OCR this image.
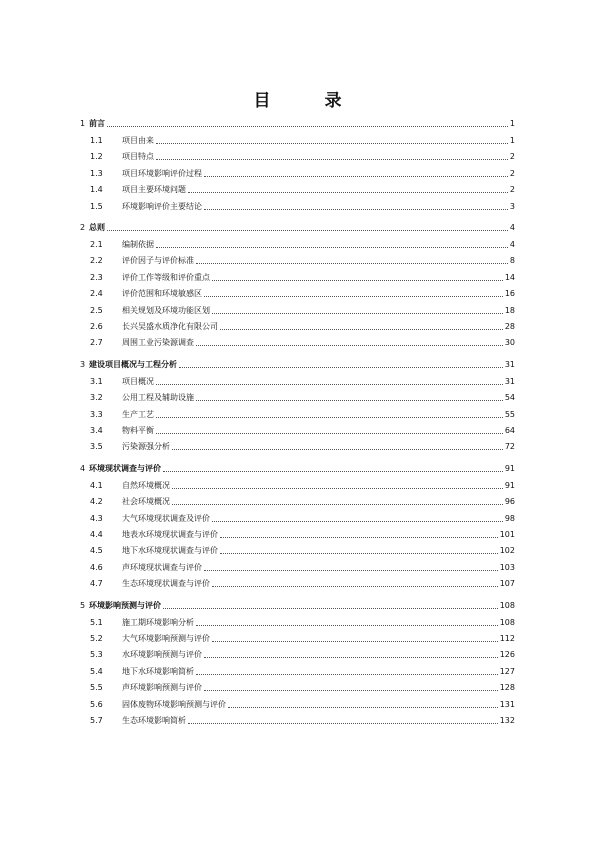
目 录
1 前言	1
1.1 项目由来	1
1.2 项目特点	2
1.3 项目环境影响评价过程	2
1.4 项目主要环境问题	2
1.5 环境影响评价主要结论	3
2 总则	4
2.1 编制依据	4
2.2 评价因子与评价标准	8
2.3 评价工作等级和评价重点	14
2.4 评价范围和环境敏感区	16
2.5 相关规划及环境功能区划	18
2.6 长兴吴盛水质净化有限公司	28
2.7 周围工业污染源调查	30
3 建设项目概况与工程分析	31
3.1 项目概况	31
3.2 公用工程及辅助设施	54
3.3 生产工艺	55
3.4 物料平衡	64
3.5 污染源强分析	72
4 环境现状调查与评价	91
4.1 自然环境概况	91
4.2 社会环境概况	96
4.3 大气环境现状调查及评价	98
4.4 地表水环境现状调查与评价	101
4.5 地下水环境现状调查与评价	102
4.6 声环境现状调查与评价	103
4.7 生态环境现状调查与评价	107
5 环境影响预测与评价	108
5.1 施工期环境影响分析	108
5.2 大气环境影响预测与评价	112
5.3 水环境影响预测与评价	126
5.4 地下水环境影响简析	127
5.5 声环境影响预测与评价	128
5.6 固体废物环境影响预测与评价	131
5.7 生态环境影响简析	132
